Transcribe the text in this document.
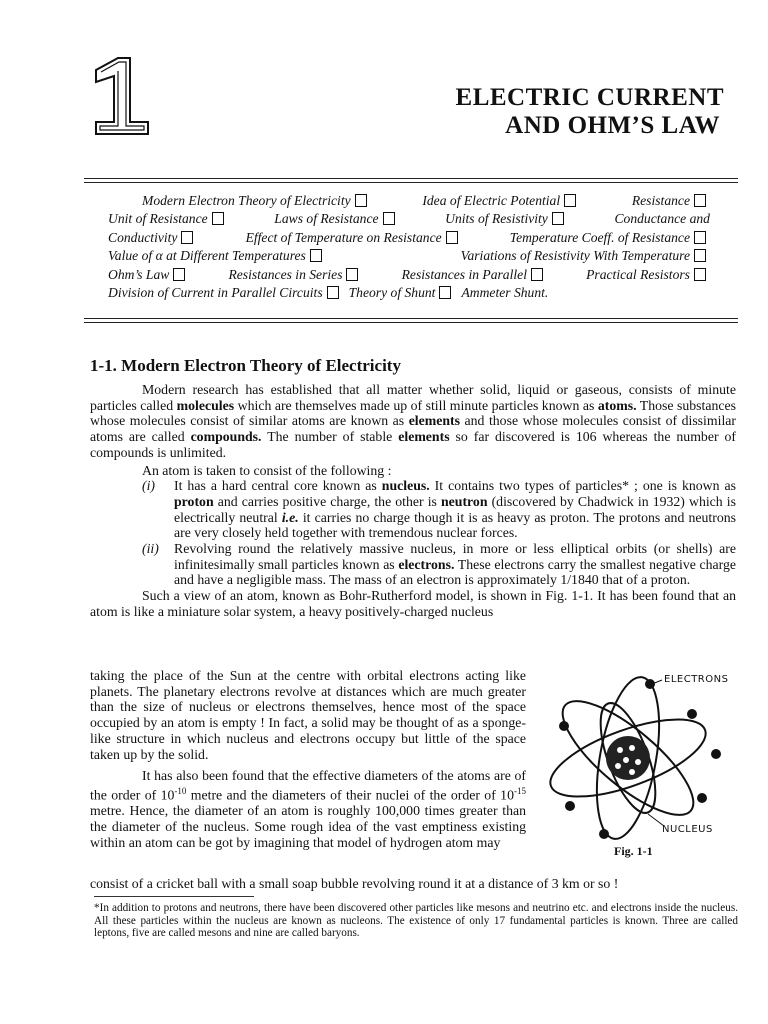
ELECTRIC CURRENT
AND OHM’S LAW
Modern Electron Theory of Electricity	Idea of Electric Potential	Resistance
Unit of Resistance	Laws of Resistance	Units of Resistivity	Conductance and
Conductivity	Effect of Temperature on Resistance	Temperature Coeff. of Resistance
Value of α at Different Temperatures	Variations of Resistivity With Temperature
Ohm’s Law	Resistances in Series	Resistances in Parallel	Practical Resistors
Division of Current in Parallel Circuits	Theory of Shunt	Ammeter Shunt.
1-1. Modern Electron Theory of Electricity

Modern research has established that all matter whether solid, liquid or gaseous, consists of minute particles called molecules which are themselves made up of still minute particles known as atoms. Those substances whose molecules consist of similar atoms are known as elements and those whose molecules consist of dissimilar atoms are called compounds. The number of stable elements so far discovered is 106 whereas the number of compounds is unlimited.

An atom is taken to consist of the following :

(i) It has a hard central core known as nucleus. It contains two types of particles* ; one is known as proton and carries positive charge, the other is neutron (discovered by Chadwick in 1932) which is electrically neutral i.e. it carries no charge though it is as heavy as proton. The protons and neutrons are very closely held together with tremendous nuclear forces.

(ii) Revolving round the relatively massive nucleus, in more or less elliptical orbits (or shells) are infinitesimally small particles known as electrons. These electrons carry the smallest negative charge and have a negligible mass. The mass of an electron is approximately 1/1840 that of a proton.

Such a view of an atom, known as Bohr-Rutherford model, is shown in Fig. 1-1. It has been found that an atom is like a miniature solar system, a heavy positively-charged nucleus

taking the place of the Sun at the centre with orbital electrons acting like planets. The planetary electrons revolve at distances which are much greater than the size of nucleus or electrons themselves, hence most of the space occupied by an atom is empty ! In fact, a solid may be thought of as a sponge-like structure in which nucleus and electrons occupy but little of the space taken up by the solid.

It has also been found that the effective diameters of the atoms are of the order of $10^{-10}$ metre and the diameters of their nuclei of the order of $10^{-15}$ metre. Hence, the diameter of an atom is roughly 100,000 times greater than the diameter of the nucleus. Some rough idea of the vast emptiness existing within an atom can be got by imagining that model of hydrogen atom may

ELECTRONS
NUCLEUS
Fig. 1-1
consist of a cricket ball with a small soap bubble revolving round it at a distance of 3 km or so !
*In addition to protons and neutrons, there have been discovered other particles like mesons and neutrino etc. and electrons inside the nucleus. All these particles within the nucleus are known as nucleons. The existence of only 17 fundamental particles is known. Three are called leptons, five are called mesons and nine are called baryons.
